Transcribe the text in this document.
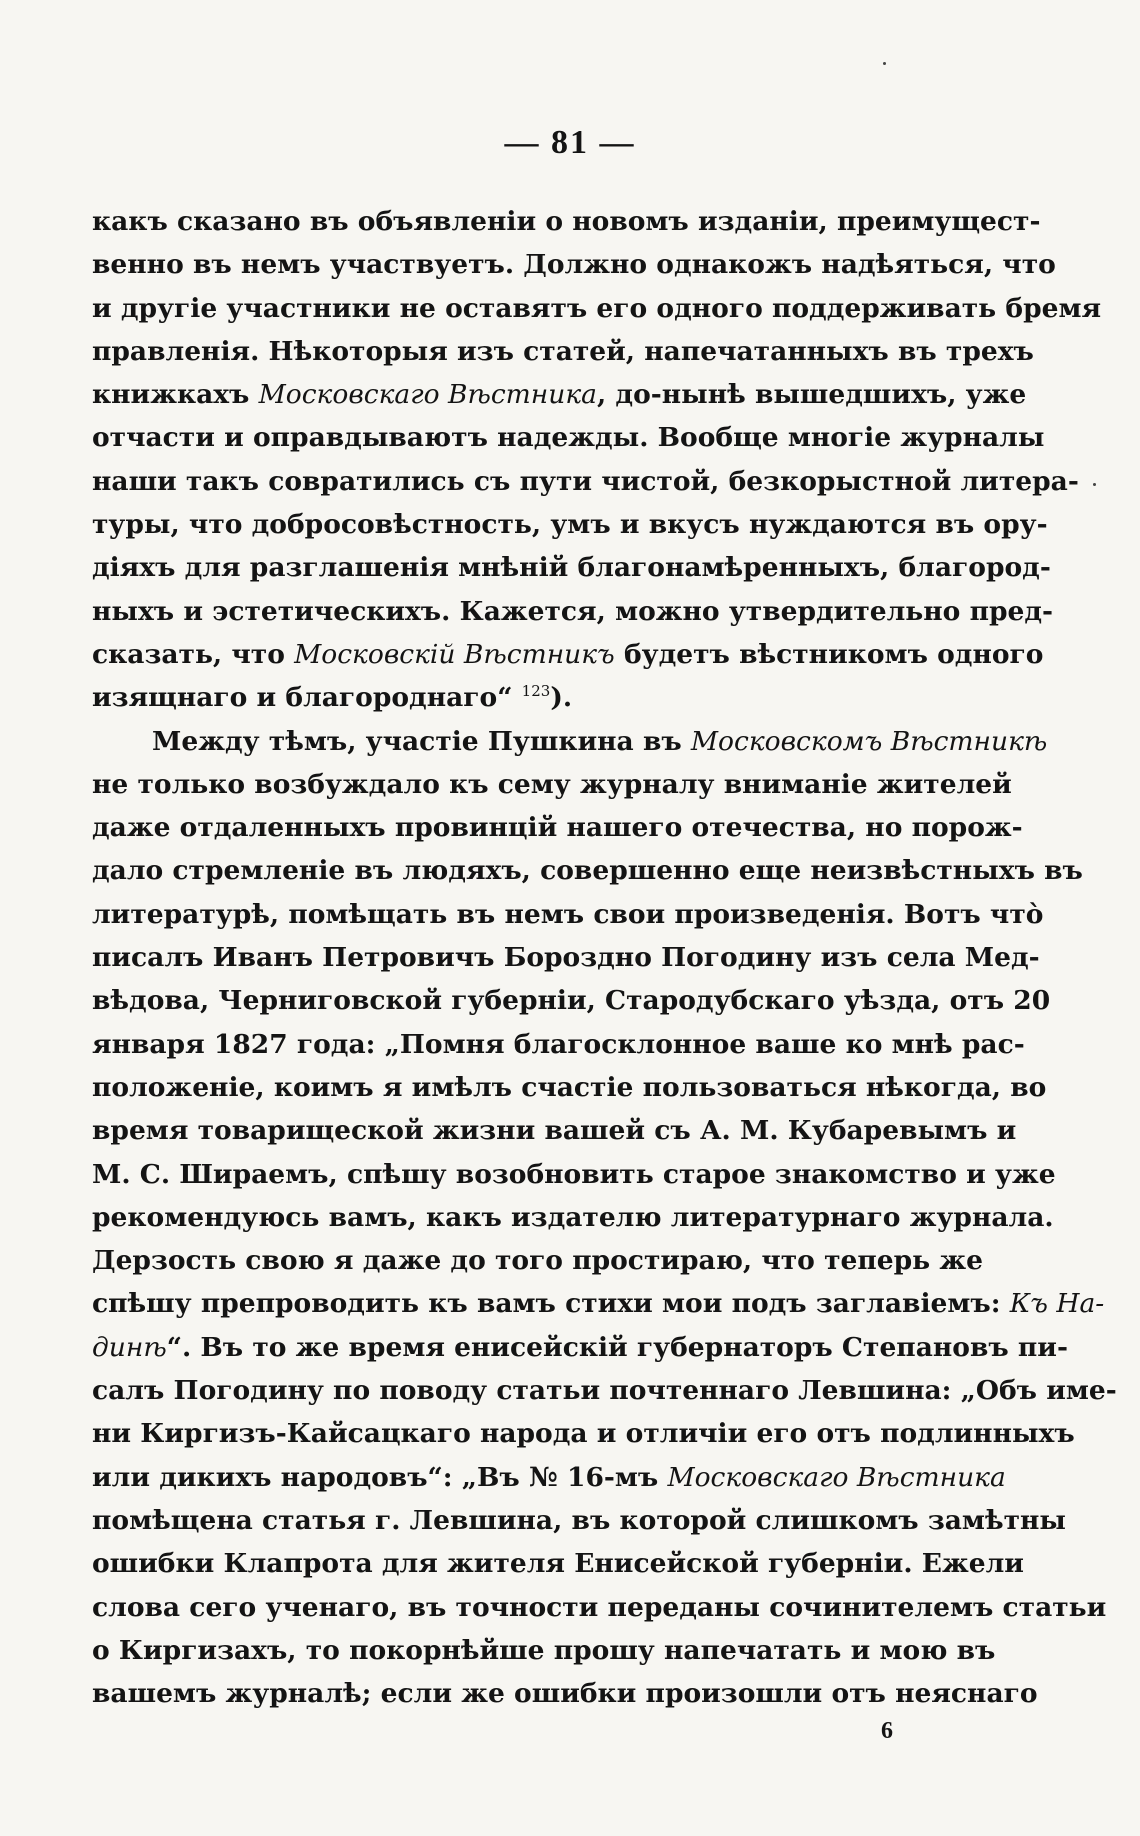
— 81 —
какъ сказано въ объявленіи о новомъ изданіи, преимущест-
венно въ немъ участвуетъ. Должно однакожъ надѣяться, что
и другіе участники не оставятъ его одного поддерживать бремя
правленія. Нѣкоторыя изъ статей, напечатанныхъ въ трехъ
книжкахъ Московскаго Вѣстника, до-нынѣ вышедшихъ, уже
отчасти и оправдываютъ надежды. Вообще многіе журналы
наши такъ совратились съ пути чистой, безкорыстной литера-
туры, что добросовѣстность, умъ и вкусъ нуждаются въ ору-
діяхъ для разглашенія мнѣній благонамѣренныхъ, благород-
ныхъ и эстетическихъ. Кажется, можно утвердительно пред-
сказать, что Московскій Вѣстникъ будетъ вѣстникомъ одного
изящнаго и благороднаго“ $^{123}$).
Между тѣмъ, участіе Пушкина въ Московскомъ Вѣстникѣ
не только возбуждало къ сему журналу вниманіе жителей
даже отдаленныхъ провинцій нашего отечества, но порож-
дало стремленіе въ людяхъ, совершенно еще неизвѣстныхъ въ
литературѣ, помѣщать въ немъ свои произведенія. Вотъ что̀
писалъ Иванъ Петровичъ Бороздно Погодину изъ села Мед-
вѣдова, Черниговской губерніи, Стародубскаго уѣзда, отъ 20
января 1827 года: „Помня благосклонное ваше ко мнѣ рас-
положеніе, коимъ я имѣлъ счастіе пользоваться нѣкогда, во
время товарищеской жизни вашей съ А. М. Кубаревымъ и
М. С. Шираемъ, спѣшу возобновить старое знакомство и уже
рекомендуюсь вамъ, какъ издателю литературнаго журнала.
Дерзость свою я даже до того простираю, что теперь же
спѣшу препроводить къ вамъ стихи мои подъ заглавіемъ: Къ На-
динѣ“. Въ то же время енисейскій губернаторъ Степановъ пи-
салъ Погодину по поводу статьи почтеннаго Левшина: „Объ име-
ни Киргизъ-Кайсацкаго народа и отличіи его отъ подлинныхъ
или дикихъ народовъ“: „Въ № 16-мъ Московскаго Вѣстника
помѣщена статья г. Левшина, въ которой слишкомъ замѣтны
ошибки Клапрота для жителя Енисейской губерніи. Ежели
слова сего ученаго, въ точности переданы сочинителемъ статьи
о Киргизахъ, то покорнѣйше прошу напечатать и мою въ
вашемъ журналѣ; если же ошибки произошли отъ неяснаго
6
